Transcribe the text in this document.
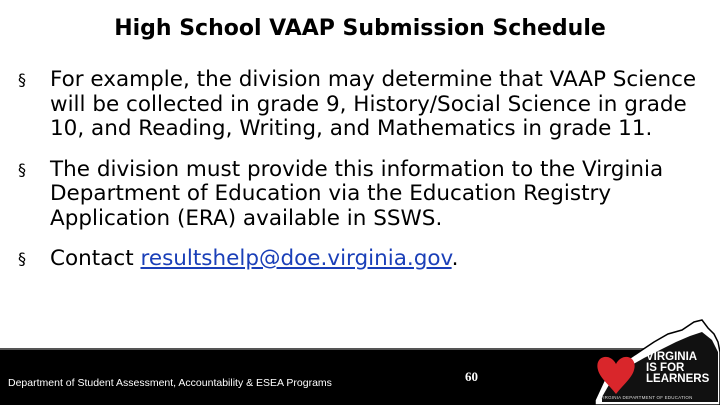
High School VAAP Submission Schedule
§ For example, the division may determine that VAAP Science will be collected in grade 9, History/Social Science in grade 10, and Reading, Writing, and Mathematics in grade 11.
§ The division must provide this information to the Virginia Department of Education via the Education Registry Application (ERA) available in SSWS.
§ Contact resultshelp@doe.virginia.gov.
Department of Student Assessment, Accountability & ESEA Programs	60
VIRGINIA
IS FOR
LEARNERS
VIRGINIA DEPARTMENT OF EDUCATION
